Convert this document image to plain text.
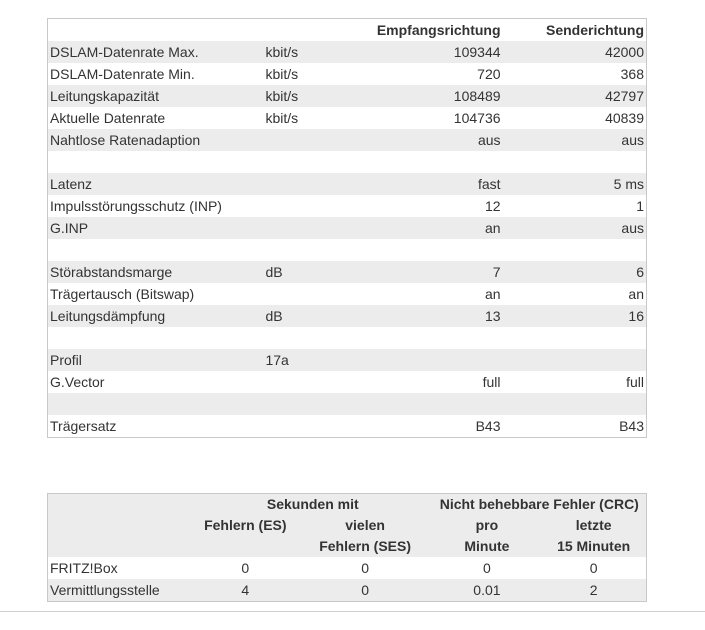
		Empfangsrichtung	Senderichtung
DSLAM-Datenrate Max.	kbit/s	109344	42000
DSLAM-Datenrate Min.	kbit/s	720	368
Leitungskapazität	kbit/s	108489	42797
Aktuelle Datenrate	kbit/s	104736	40839
Nahtlose Ratenadaption		aus	aus

Latenz		fast	5 ms
Impulsstörungsschutz (INP)		12	1
G.INP		an	aus

Störabstandsmarge	dB	7	6
Trägertausch (Bitswap)		an	an
Leitungsdämpfung	dB	13	16

Profil	17a		
G.Vector		full	full

Trägersatz		B43	B43
	Sekunden mit		Nicht behebbare Fehler (CRC)	
	Fehlern (ES)	vielen	pro	letzte
		Fehlern (SES)	Minute	15 Minuten
FRITZ!Box	0	0	0	0
Vermittlungsstelle	4	0	0.01	2
